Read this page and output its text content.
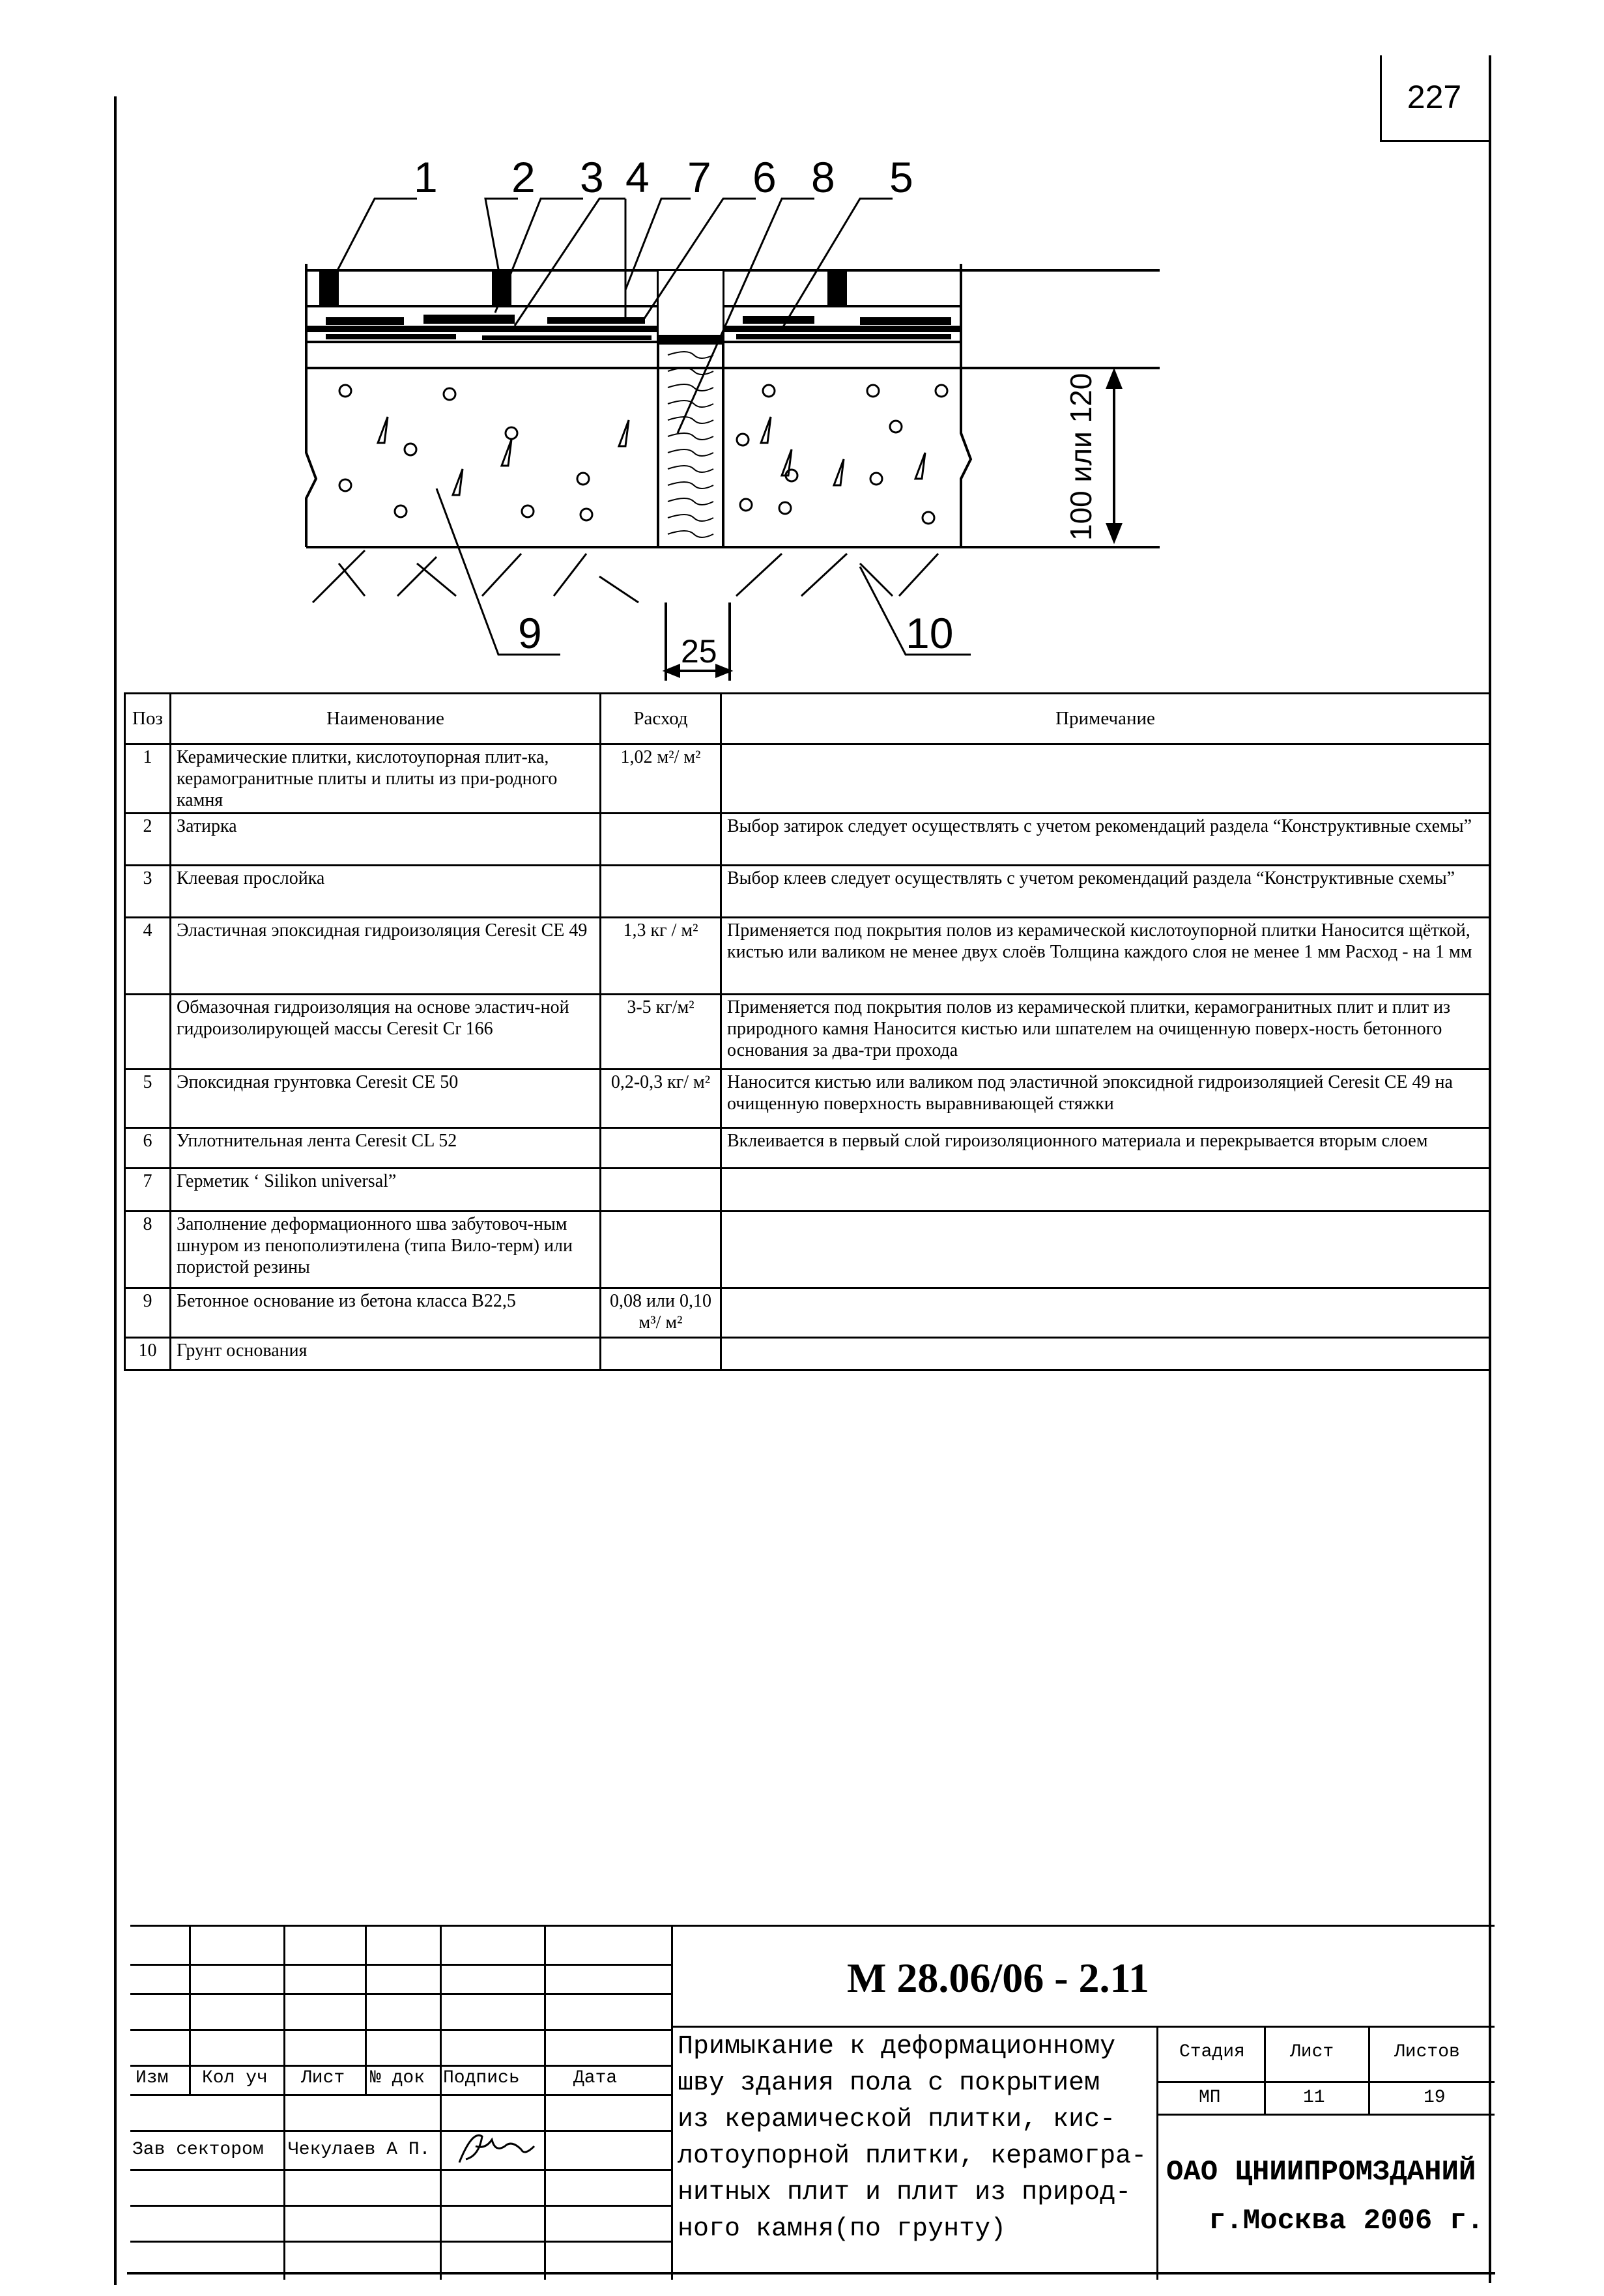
227
1 2 3 4 7 6 8 5
9	10
25
100 или 120
Поз	Наименование	Расход	Примечание
1	Керамические плитки, кислотоупорная плит-ка, керамогранитные плиты и плиты из при-родного камня	1,02 м²/ м²	
2	Затирка		Выбор затирок следует осуществлять с учетом рекомендаций раздела “Конструктивные схемы”
3	Клеевая прослойка		Выбор клеев следует осуществлять с учетом рекомендаций раздела “Конструктивные схемы”
4	Эластичная эпоксидная гидроизоляция Ceresit CE 49	1,3 кг / м²	Применяется под покрытия полов из керамической кислотоупорной плитки Наносится щёткой, кистью или валиком не менее двух слоёв Толщина каждого слоя не менее 1 мм Расход - на 1 мм
	Обмазочная гидроизоляция на основе эластич-ной гидроизолирующей массы Ceresit Cr 166	3-5 кг/м²	Применяется под покрытия полов из керамической плитки, керамогранитных плит и плит из природного камня Наносится кистью или шпателем на очищенную поверх-ность бетонного основания за два-три прохода
5	Эпоксидная грунтовка Ceresit CE 50	0,2-0,3 кг/ м²	Наносится кистью или валиком под эластичной эпоксидной гидроизоляцией Ceresit CE 49 на очищенную поверхность выравнивающей стяжки
6	Уплотнительная лента Ceresit CL 52		Вклеивается в первый слой гироизоляционного материала и перекрывается вторым слоем
7	Герметик ‘ Silikon universal”		
8	Заполнение деформационного шва забутовоч-ным шнуром из пенополиэтилена (типа Вило-терм) или пористой резины		
9	Бетонное основание из бетона класса В22,5	0,08 или 0,10 м³/ м²	
10	Грунт основания		
М 28.06/06 - 2.11
Изм Кол уч Лист № док Подпись	Дата
Зав сектором Чекулаев А П.
Примыкание к деформационному
шву здания пола с покрытием
из керамической плитки, кис-
лотоупорной плитки, керамогра-
нитных плит и плит из природ-
ного камня(по грунту)
Стадия Лист	Листов
МП	11	19
ОАО ЦНИИПРОМЗДАНИЙ
г.Москва 2006 г.
